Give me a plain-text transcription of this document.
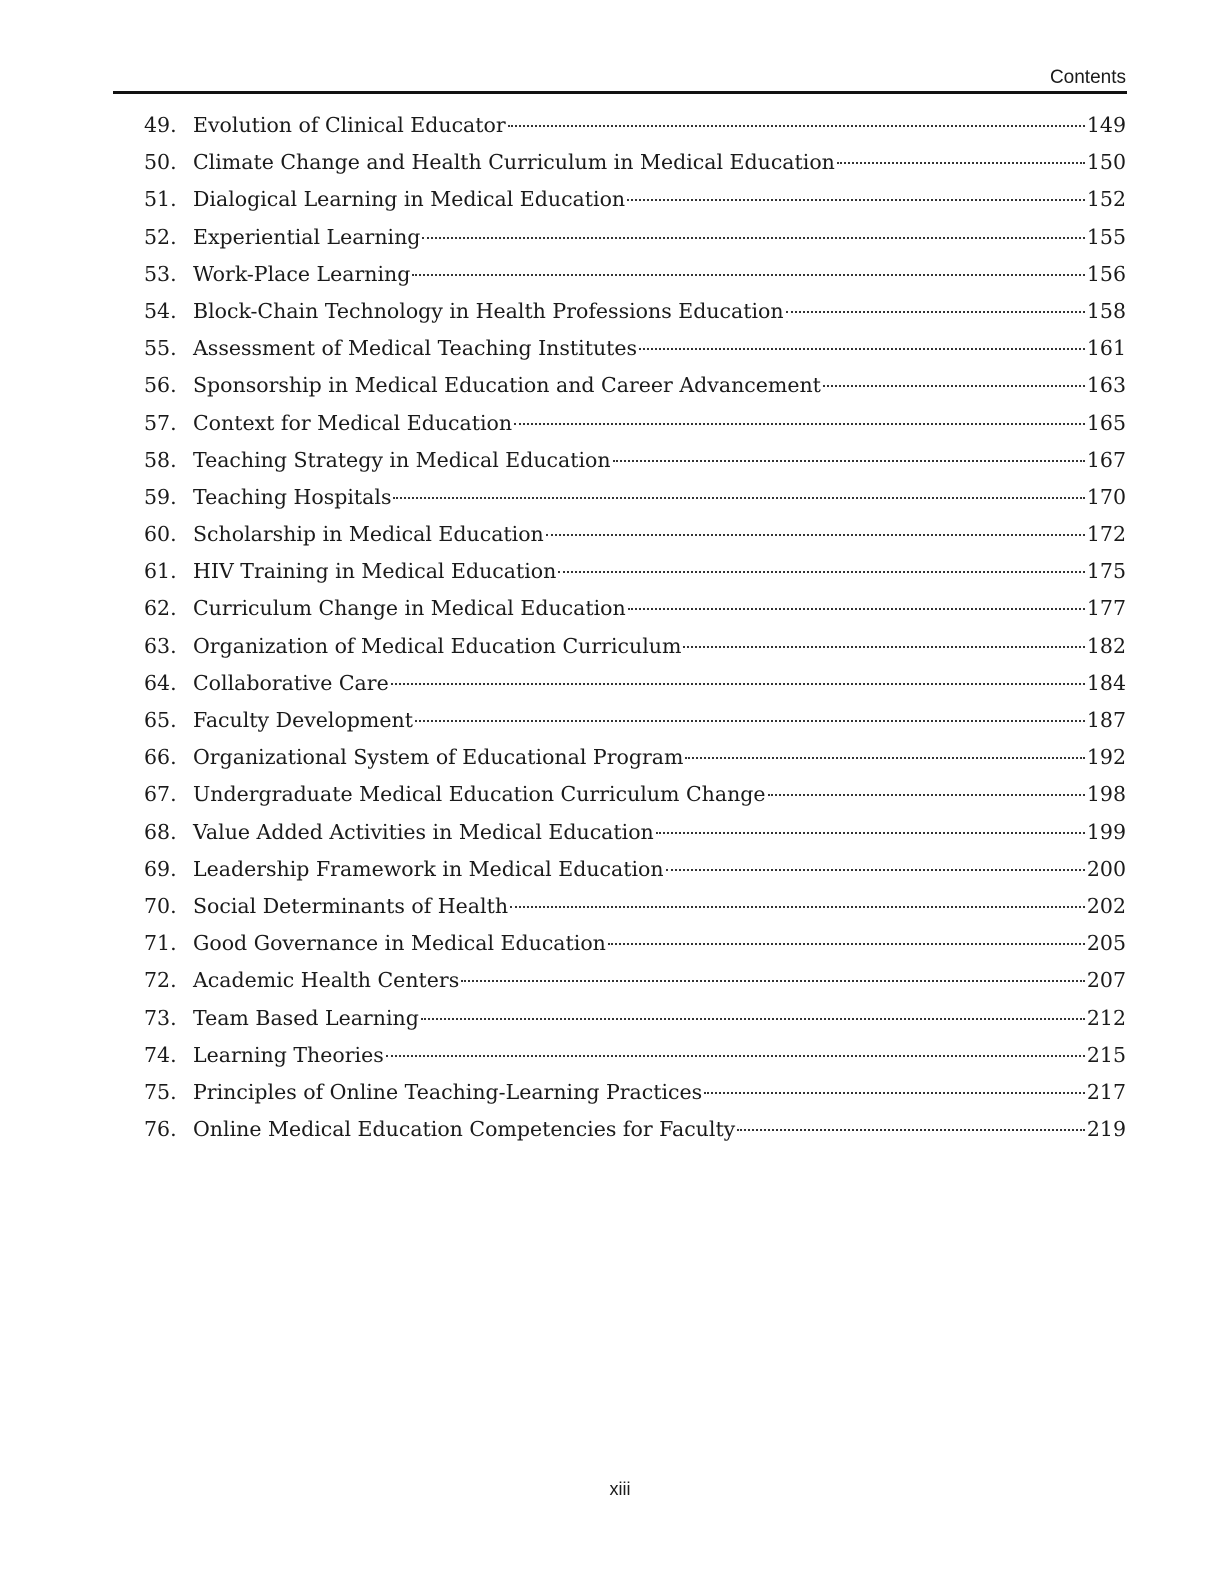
Contents
49. Evolution of Clinical Educator	149
50. Climate Change and Health Curriculum in Medical Education	150
51. Dialogical Learning in Medical Education	152
52. Experiential Learning	155
53. Work-Place Learning	156
54. Block-Chain Technology in Health Professions Education	158
55. Assessment of Medical Teaching Institutes	161
56. Sponsorship in Medical Education and Career Advancement	163
57. Context for Medical Education	165
58. Teaching Strategy in Medical Education	167
59. Teaching Hospitals	170
60. Scholarship in Medical Education	172
61. HIV Training in Medical Education	175
62. Curriculum Change in Medical Education	177
63. Organization of Medical Education Curriculum	182
64. Collaborative Care	184
65. Faculty Development	187
66. Organizational System of Educational Program	192
67. Undergraduate Medical Education Curriculum Change	198
68. Value Added Activities in Medical Education	199
69. Leadership Framework in Medical Education	200
70. Social Determinants of Health	202
71. Good Governance in Medical Education	205
72. Academic Health Centers	207
73. Team Based Learning	212
74. Learning Theories	215
75. Principles of Online Teaching-Learning Practices	217
76. Online Medical Education Competencies for Faculty	219
xiii
